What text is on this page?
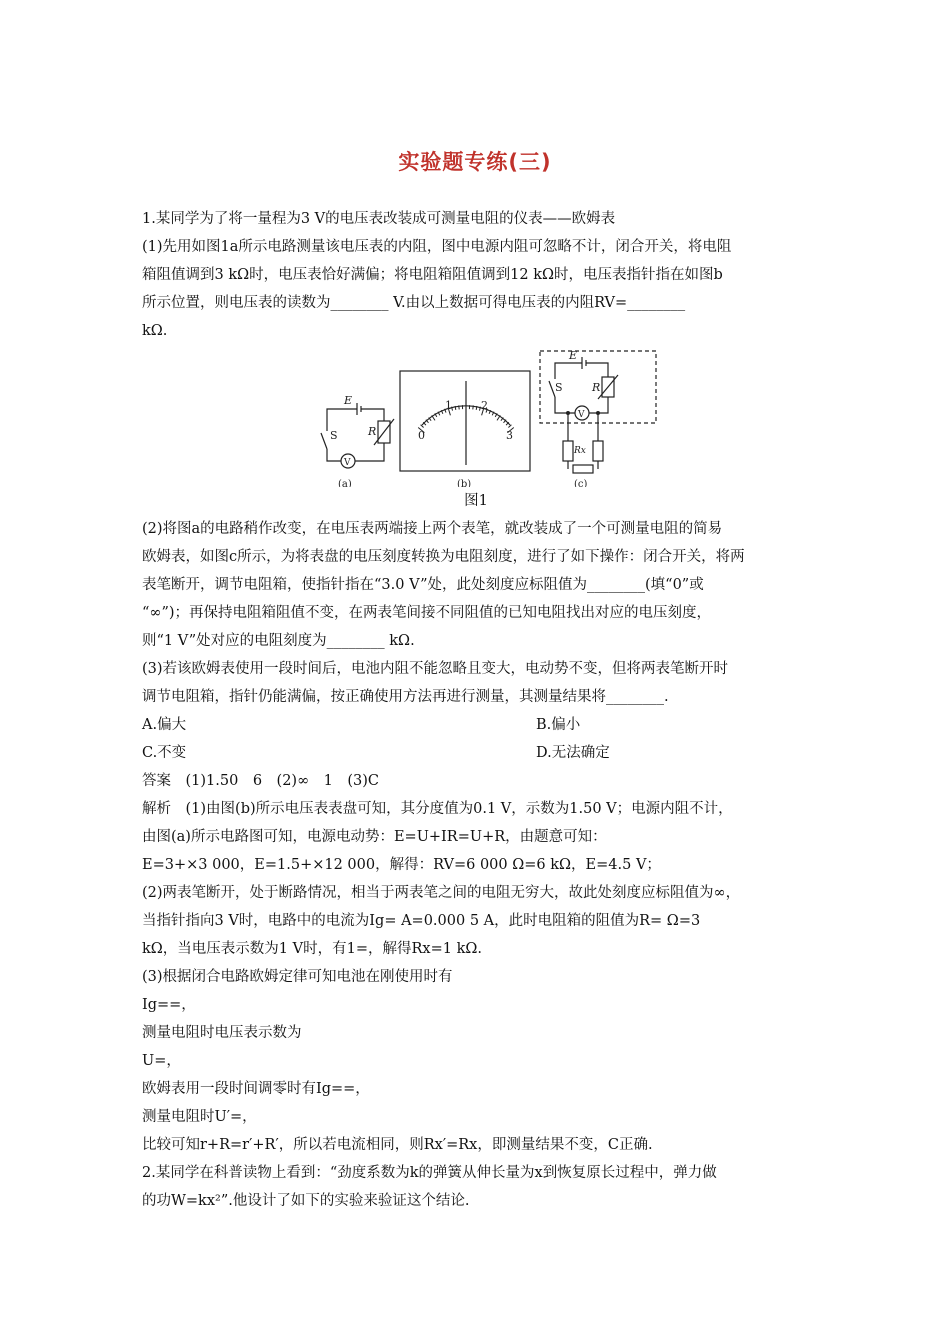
实验题专练(三)

1.某同学为了将一量程为3 V的电压表改装成可测量电阻的仪表——欧姆表

(1)先用如图1a所示电路测量该电压表的内阻，图中电源内阻可忽略不计，闭合开关，将电阻

箱阻值调到3 kΩ时，电压表恰好满偏；将电阻箱阻值调到12 kΩ时，电压表指针指在如图b

所示位置，则电压表的读数为________ V.由以上数据可得电压表的内阻RV=________

kΩ.

E
S	R
V
(a)
0
1	2
3
(b)
E
S	R
V
Rx
(c)
图1

(2)将图a的电路稍作改变，在电压表两端接上两个表笔，就改装成了一个可测量电阻的简易

欧姆表，如图c所示，为将表盘的电压刻度转换为电阻刻度，进行了如下操作：闭合开关，将两

表笔断开，调节电阻箱，使指针指在“3.0 V”处，此处刻度应标阻值为________(填“0”或

“∞”)；再保持电阻箱阻值不变，在两表笔间接不同阻值的已知电阻找出对应的电压刻度，

则“1 V”处对应的电阻刻度为________ kΩ.

(3)若该欧姆表使用一段时间后，电池内阻不能忽略且变大，电动势不变，但将两表笔断开时

调节电阻箱，指针仍能满偏，按正确使用方法再进行测量，其测量结果将________.

A.偏大	B.偏小
C.不变	D.无法确定

答案　(1)1.50　6　(2)∞　1　(3)C

解析　(1)由图(b)所示电压表表盘可知，其分度值为0.1 V，示数为1.50 V；电源内阻不计，

由图(a)所示电路图可知，电源电动势：E=U+IR=U+R，由题意可知：

E=3+×3 000，E=1.5+×12 000，解得：RV=6 000 Ω=6 kΩ，E=4.5 V；

(2)两表笔断开，处于断路情况，相当于两表笔之间的电阻无穷大，故此处刻度应标阻值为∞，

当指针指向3 V时，电路中的电流为Ig= A=0.000 5 A，此时电阻箱的阻值为R= Ω=3

kΩ，当电压表示数为1 V时，有1=，解得Rx=1 kΩ.

(3)根据闭合电路欧姆定律可知电池在刚使用时有

Ig==，

测量电阻时电压表示数为

U=，

欧姆表用一段时间调零时有Ig==，

测量电阻时U′=，

比较可知r+R=r′+R′，所以若电流相同，则Rx′=Rx，即测量结果不变，C正确.

2.某同学在科普读物上看到：“劲度系数为k的弹簧从伸长量为x到恢复原长过程中，弹力做

的功W=kx²”.他设计了如下的实验来验证这个结论.
